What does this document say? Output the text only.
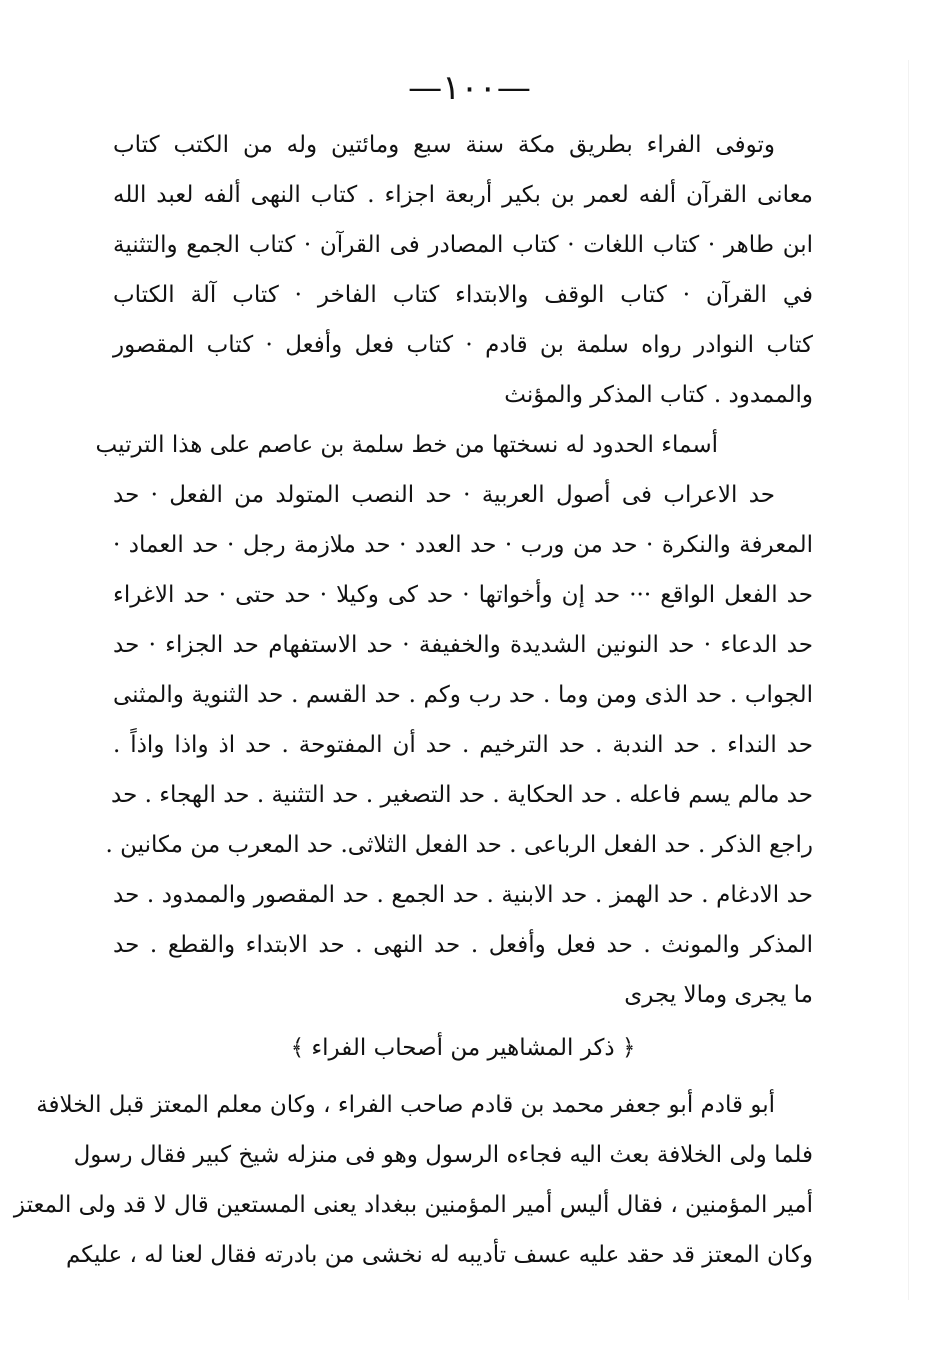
—١٠٠—
وتوفى الفراء بطريق مكة سنة سبع ومائتين وله من الكتب كتاب
معانى القرآن ألفه لعمر بن بكير أربعة اجزاء . كتاب النهى ألفه لعبد الله
ابن طاهر · كتاب اللغات · كتاب المصادر فى القرآن · كتاب الجمع والتثنية
في القرآن · كتاب الوقف والابتداء كتاب الفاخر · كتاب آلة الكتاب
كتاب النوادر رواه سلمة بن قادم · كتاب فعل وأفعل · كتاب المقصور
والممدود . كتاب المذكر والمؤنث
أسماء الحدود له نسختها من خط سلمة بن عاصم على هذا الترتيب
حد الاعراب فى أصول العربية · حد النصب المتولد من الفعل · حد
المعرفة والنكرة · حد من ورب · حد العدد · حد ملازمة رجل · حد العماد ·
حد الفعل الواقع ··· حد إن وأخواتها · حد كى وكيلا · حد حتى · حد الاغراء
حد الدعاء · حد النونين الشديدة والخفيفة · حد الاستفهام حد الجزاء · حد
الجواب . حد الذى ومن وما . حد رب وكم . حد القسم . حد الثنوية والمثنى
حد النداء . حد الندبة . حد الترخيم . حد أن المفتوحة . حد اذ واذا واذاً .
حد مالم يسم فاعله . حد الحكاية . حد التصغير . حد التثنية . حد الهجاء . حد
راجع الذكر . حد الفعل الرباعى . حد الفعل الثلاثى. حد المعرب من مكانين .
حد الادغام . حد الهمز . حد الابنية . حد الجمع . حد المقصور والممدود . حد
المذكر والمونث . حد فعل وأفعل . حد النهى . حد الابتداء والقطع . حد
ما يجرى ومالا يجرى
﴿ ذكر المشاهير من أصحاب الفراء ﴾
أبو قادم أبو جعفر محمد بن قادم صاحب الفراء ، وكان معلم المعتز قبل الخلافة
فلما ولى الخلافة بعث اليه فجاءه الرسول وهو فى منزله شيخ كبير فقال رسول
أمير المؤمنين ، فقال أليس أمير المؤمنين ببغداد يعنى المستعين قال لا قد ولى المعتز
وكان المعتز قد حقد عليه عسف تأديبه له نخشى من بادرته فقال لعنا له ، عليكم
